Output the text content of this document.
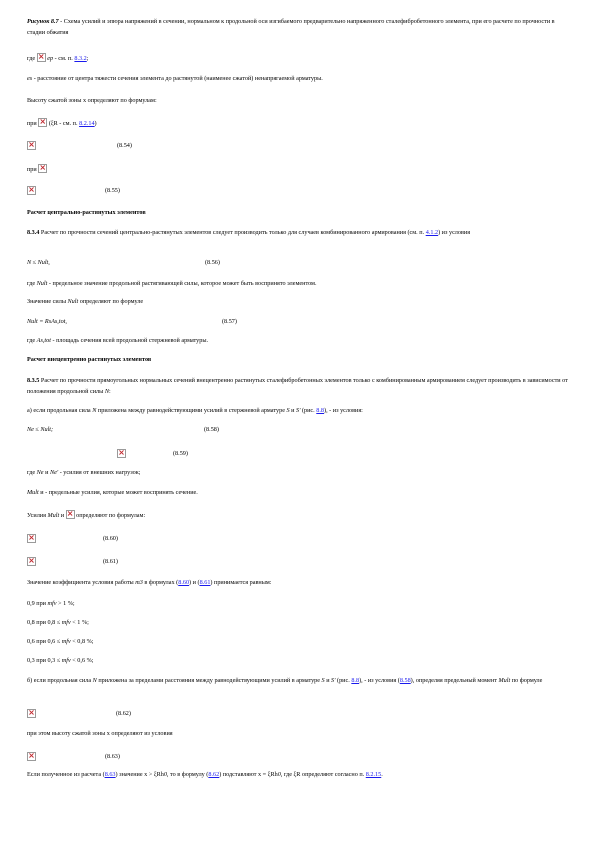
Рисунок 8.7 - Схема усилий и эпюра напряжений в сечении, нормальном к продольной оси изгибаемого предварительно напряженного сталефибробетонного элемента, при его расчете по прочности в стадии обжатия
где × ep - см. п. 8.3.2;
es - расстояние от центра тяжести сечения элемента до растянутой (наименее сжатой) ненапрягаемой арматуры.
Высоту сжатой зоны x определяют по формулам:
при × (ξR - см. п. 8.2.14)
×
(8.54)
при ×
×
(8.55)
Расчет центрально-растянутых элементов
8.3.4 Расчет по прочности сечений центрально-растянутых элементов следует производить только для случаев комбинированного армирования (см. п. 4.1.2) из условия
N ≤ Nult,	(8.56)
где Nult - предельное значение продольной растягивающей силы, которое может быть воспринято элементом.
Значение силы Nult определяют по формуле
Nult = RsAs,tot,	(8.57)
где As,tot - площадь сечения всей продольной стержневой арматуры.
Расчет внецентренно растянутых элементов
8.3.5 Расчет по прочности прямоугольных нормальных сечений внецентренно растянутых сталефибробетонных элементов только с комбинированным армированием следует производить в зависимости от положения продольной силы N:
а) если продольная сила N приложена между равнодействующими усилий в стержневой арматуре S и S' (рис. 8.8), - из условия:
Ne ≤ Nult;	(8.58)
×
(8.59)
где Ne и Ne' - усилия от внешних нагрузок;
Mult и - предельные усилия, которые может воспринять сечение.
Усилия Mult и × определяют по формулам:
×
(8.60)
×
(8.61)
Значение коэффициента условия работы m3 в формулах (8.60) и (8.61) принимается равным:
0,9 при mfv > 1 %;
0,8 при 0,8 ≤ mfv < 1 %;
0,6 при 0,6 ≤ mfv < 0,8 %;
0,3 при 0,3 ≤ mfv < 0,6 %;
б) если продольная сила N приложена за пределами расстояния между равнодействующими усилий в арматуре S и S' (рис. 8.8), - из условия (8.58), определяя предельный момент Mult по формуле
×
(8.62)
при этом высоту сжатой зоны x определяют из условия
×
(8.63)
Если полученное из расчета (8.63) значение x > ξRh0, то в формулу (8.62) подставляют x = ξRh0, где ξR определяют согласно п. 8.2.15.
